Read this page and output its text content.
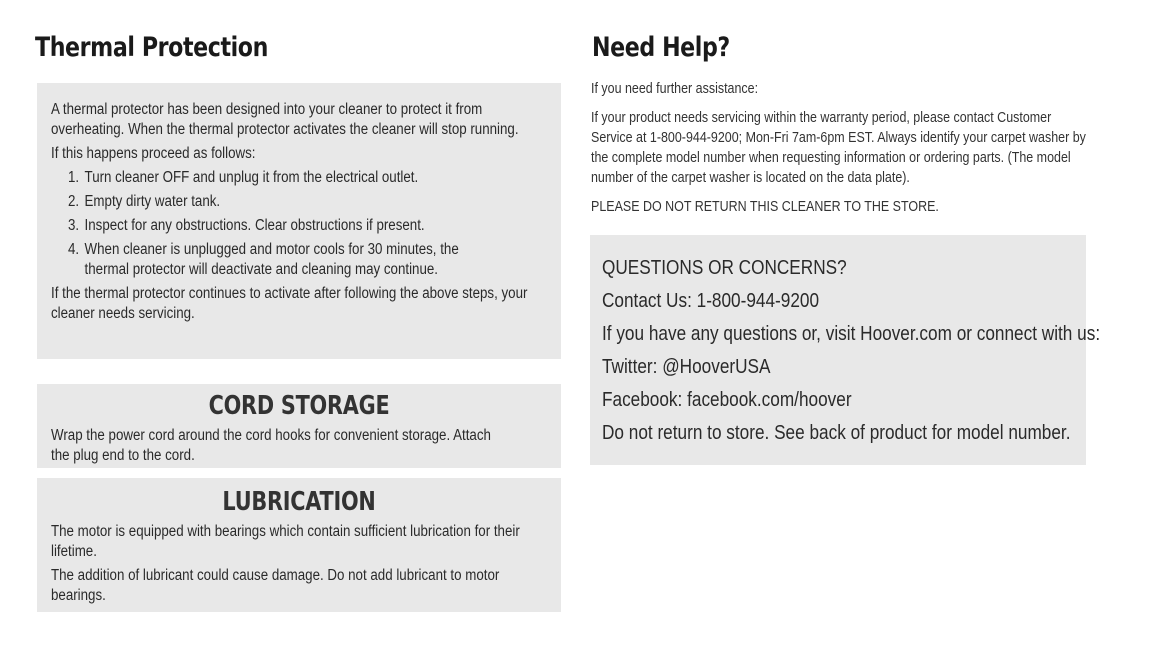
Thermal Protection

A thermal protector has been designed into your cleaner to protect it from overheating. When the thermal protector activates the cleaner will stop running.

If this happens proceed as follows:

1. Turn cleaner OFF and unplug it from the electrical outlet.
2. Empty dirty water tank.
3. Inspect for any obstructions. Clear obstructions if present.
4. When cleaner is unplugged and motor cools for 30 minutes, the thermal protector will deactivate and cleaning may continue.

If the thermal protector continues to activate after following the above steps, your cleaner needs servicing.

CORD STORAGE
Wrap the power cord around the cord hooks for convenient storage. Attach the plug end to the cord.
LUBRICATION

The motor is equipped with bearings which contain sufficient lubrication for their lifetime.

The addition of lubricant could cause damage. Do not add lubricant to motor bearings.

Need Help?

If you need further assistance:

If your product needs servicing within the warranty period, please contact Customer Service at 1-800-944-9200; Mon-Fri 7am-6pm EST. Always identify your carpet washer by the complete model number when requesting information or ordering parts. (The model number of the carpet washer is located on the data plate).

PLEASE DO NOT RETURN THIS CLEANER TO THE STORE.

QUESTIONS OR CONCERNS?

Contact Us: 1-800-944-9200

If you have any questions or, visit Hoover.com or connect with us:

Twitter: @HooverUSA

Facebook: facebook.com/hoover

Do not return to store. See back of product for model number.
